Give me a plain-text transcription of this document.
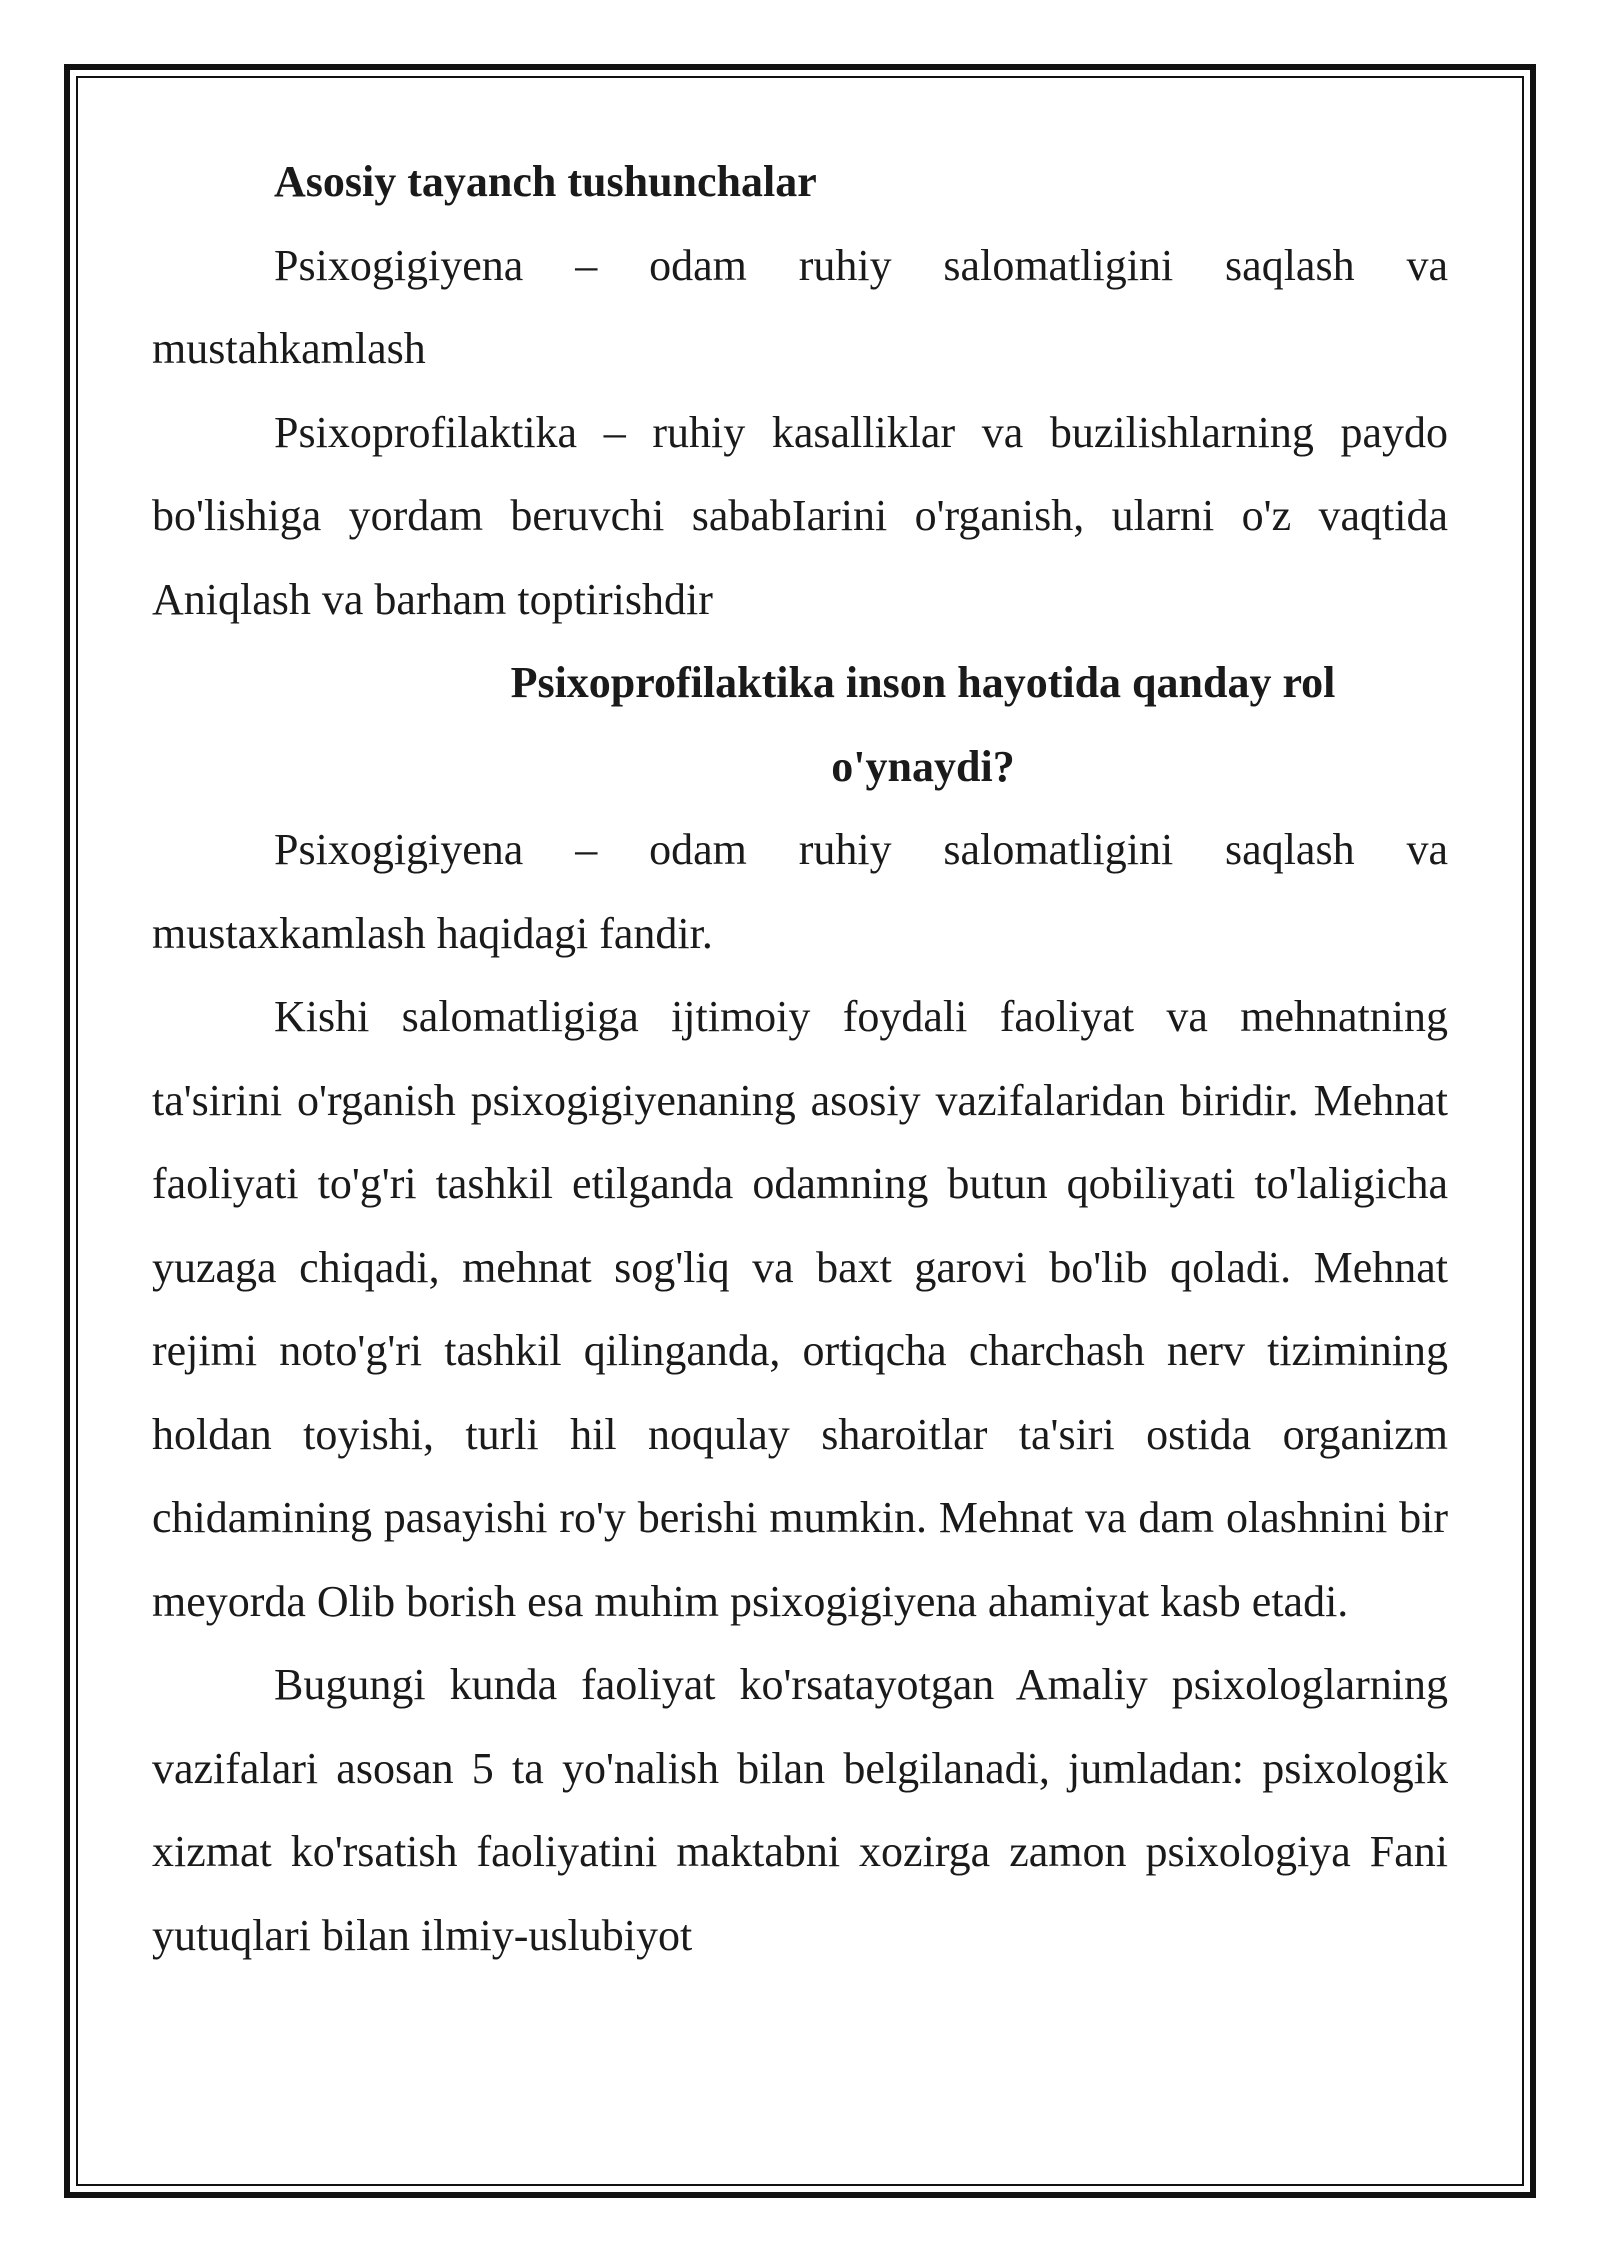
Asosiy tayanch tushunchalar

Psixogigiyena – odam ruhiy salomatligini saqlash va mustahkamlash

Psixoprofilaktika – ruhiy kasalliklar va buzilishlarning paydo bo'lishiga yordam beruvchi sababIarini o'rganish, ularni o'z vaqtida Aniqlash va barham toptirishdir

Psixoprofilaktika inson hayotida qanday rol o'ynaydi?

Psixogigiyena – odam ruhiy salomatligini saqlash va mustaxkamlash haqidagi fandir.

Kishi salomatligiga ijtimoiy foydali faoliyat va mehnatning ta'sirini o'rganish psixogigiyenaning asosiy vazifalaridan biridir. Mehnat faoliyati to'g'ri tashkil etilganda odamning butun qobiliyati to'laligicha yuzaga chiqadi, mehnat sog'liq va baxt garovi bo'lib qoladi. Mehnat rejimi noto'g'ri tashkil qilinganda, ortiqcha charchash nerv tizimining holdan toyishi, turli hil noqulay sharoitlar ta'siri ostida organizm chidamining pasayishi ro'y berishi mumkin. Mehnat va dam olashnini bir meyorda Olib borish esa muhim psixogigiyena ahamiyat kasb etadi.

Bugungi kunda faoliyat ko'rsatayotgan Amaliy psixologlarning vazifalari asosan 5 ta yo'nalish bilan belgilanadi, jumladan: psixologik xizmat ko'rsatish faoliyatini maktabni xozirga zamon psixologiya Fani yutuqlari bilan ilmiy-uslubiyot
